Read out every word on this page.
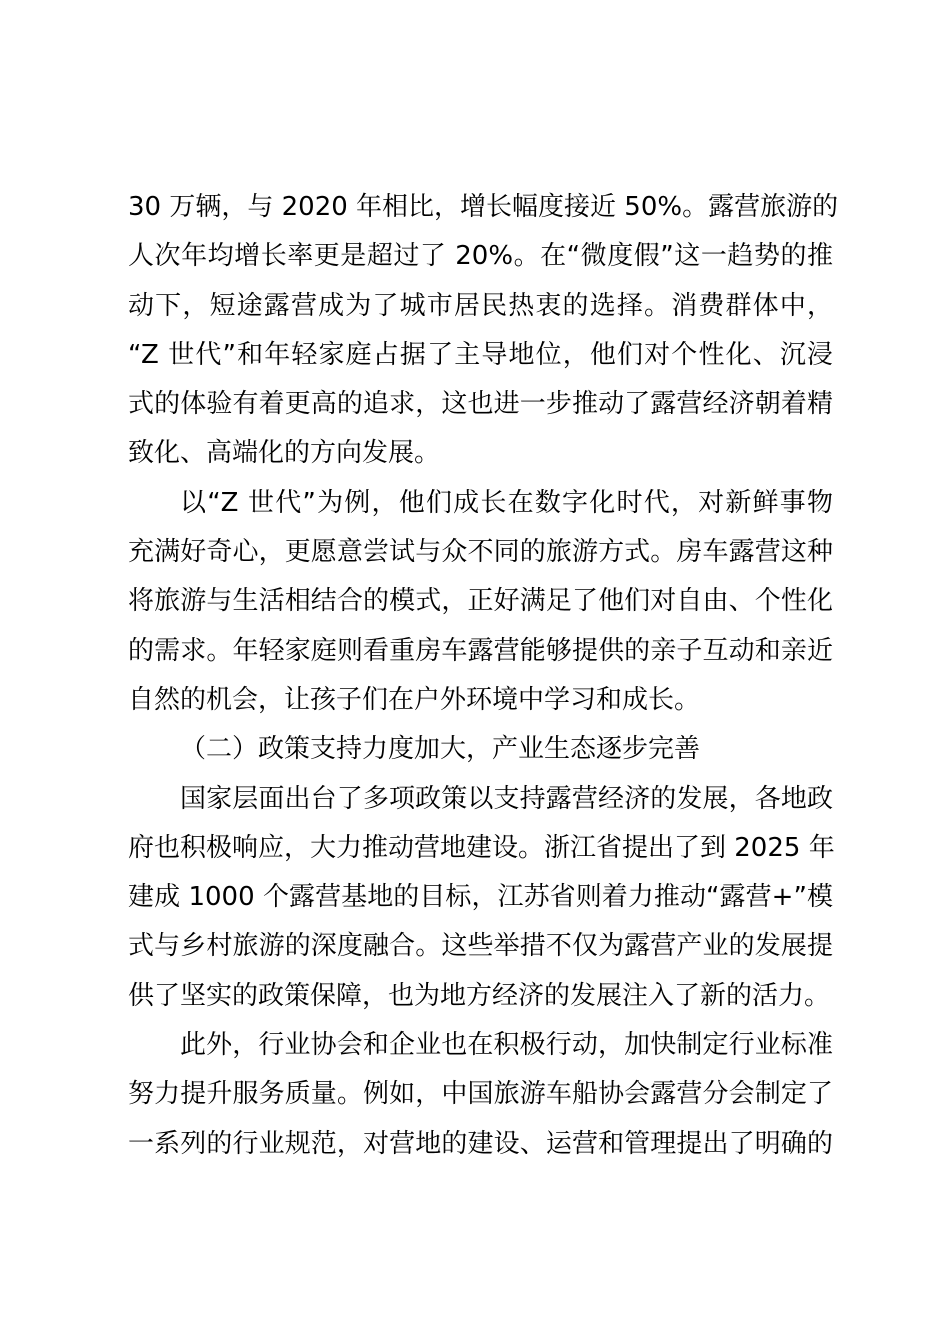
30 万辆，与 2020 年相比，增长幅度接近 50%。露营旅游的
人次年均增长率更是超过了 20%。在“微度假”这一趋势的推
动下，短途露营成为了城市居民热衷的选择。消费群体中，
“Z 世代”和年轻家庭占据了主导地位，他们对个性化、沉浸
式的体验有着更高的追求，这也进一步推动了露营经济朝着精
致化、高端化的方向发展。
以“Z 世代”为例，他们成长在数字化时代，对新鲜事物
充满好奇心，更愿意尝试与众不同的旅游方式。房车露营这种
将旅游与生活相结合的模式，正好满足了他们对自由、个性化
的需求。年轻家庭则看重房车露营能够提供的亲子互动和亲近
自然的机会，让孩子们在户外环境中学习和成长。
（二）政策支持力度加大，产业生态逐步完善
国家层面出台了多项政策以支持露营经济的发展，各地政
府也积极响应，大力推动营地建设。浙江省提出了到 2025 年
建成 1000 个露营基地的目标，江苏省则着力推动“露营+”模
式与乡村旅游的深度融合。这些举措不仅为露营产业的发展提
供了坚实的政策保障，也为地方经济的发展注入了新的活力。
此外，行业协会和企业也在积极行动，加快制定行业标准
努力提升服务质量。例如，中国旅游车船协会露营分会制定了
一系列的行业规范，对营地的建设、运营和管理提出了明确的
